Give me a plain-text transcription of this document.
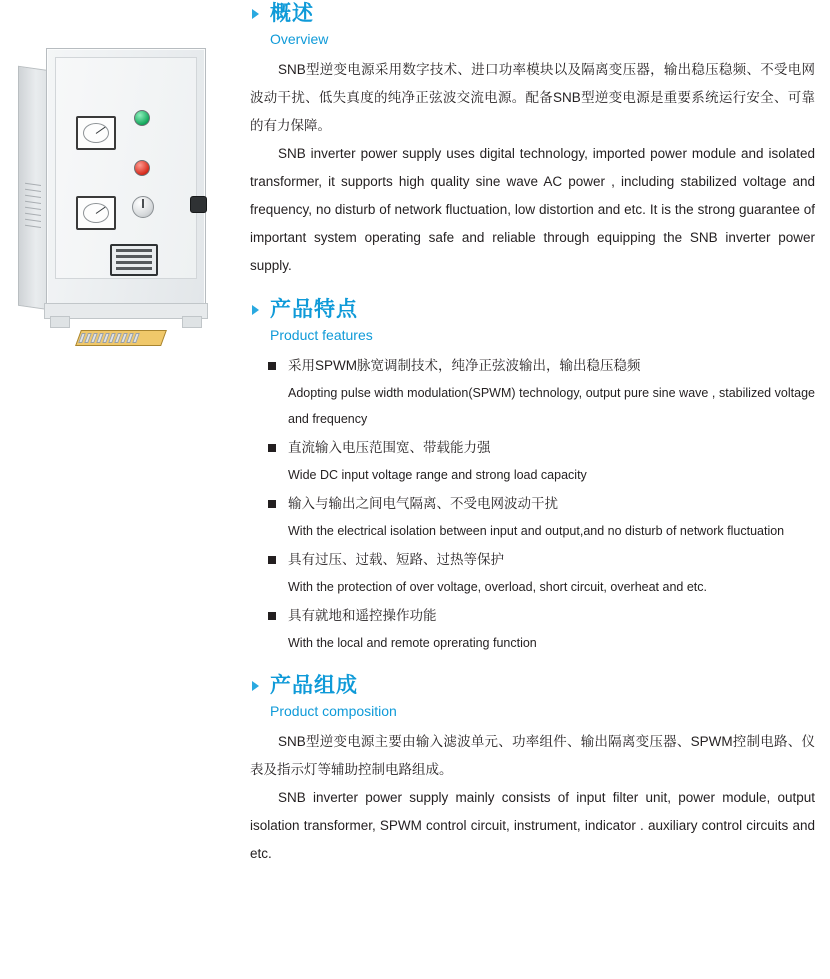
概述
Overview

SNB型逆变电源采用数字技术、进口功率模块以及隔离变压器，输出稳压稳频、不受电网波动干扰、低失真度的纯净正弦波交流电源。配备SNB型逆变电源是重要系统运行安全、可靠的有力保障。

SNB inverter power supply uses digital technology, imported power module and isolated transformer, it supports high quality sine wave AC power , including stabilized voltage and frequency, no disturb of network fluctuation, low distortion and etc. It is the strong guarantee of important system operating safe and reliable through equipping the SNB inverter power supply.

产品特点
Product features
采用SPWM脉宽调制技术，纯净正弦波输出，输出稳压稳频
Adopting pulse width modulation(SPWM) technology, output pure sine wave , stabilized voltage and frequency
直流输入电压范围宽、带载能力强
Wide DC input voltage range and strong load capacity
输入与输出之间电气隔离、不受电网波动干扰
With the electrical isolation between input and output,and no disturb of network fluctuation
具有过压、过载、短路、过热等保护
With the protection of over voltage, overload, short circuit, overheat and etc.
具有就地和遥控操作功能
With the local and remote oprerating function
产品组成
Product composition

SNB型逆变电源主要由输入滤波单元、功率组件、输出隔离变压器、SPWM控制电路、仪表及指示灯等辅助控制电路组成。

SNB inverter power supply mainly consists of input filter unit, power module, output isolation transformer, SPWM control circuit, instrument, indicator . auxiliary control circuits and etc.
